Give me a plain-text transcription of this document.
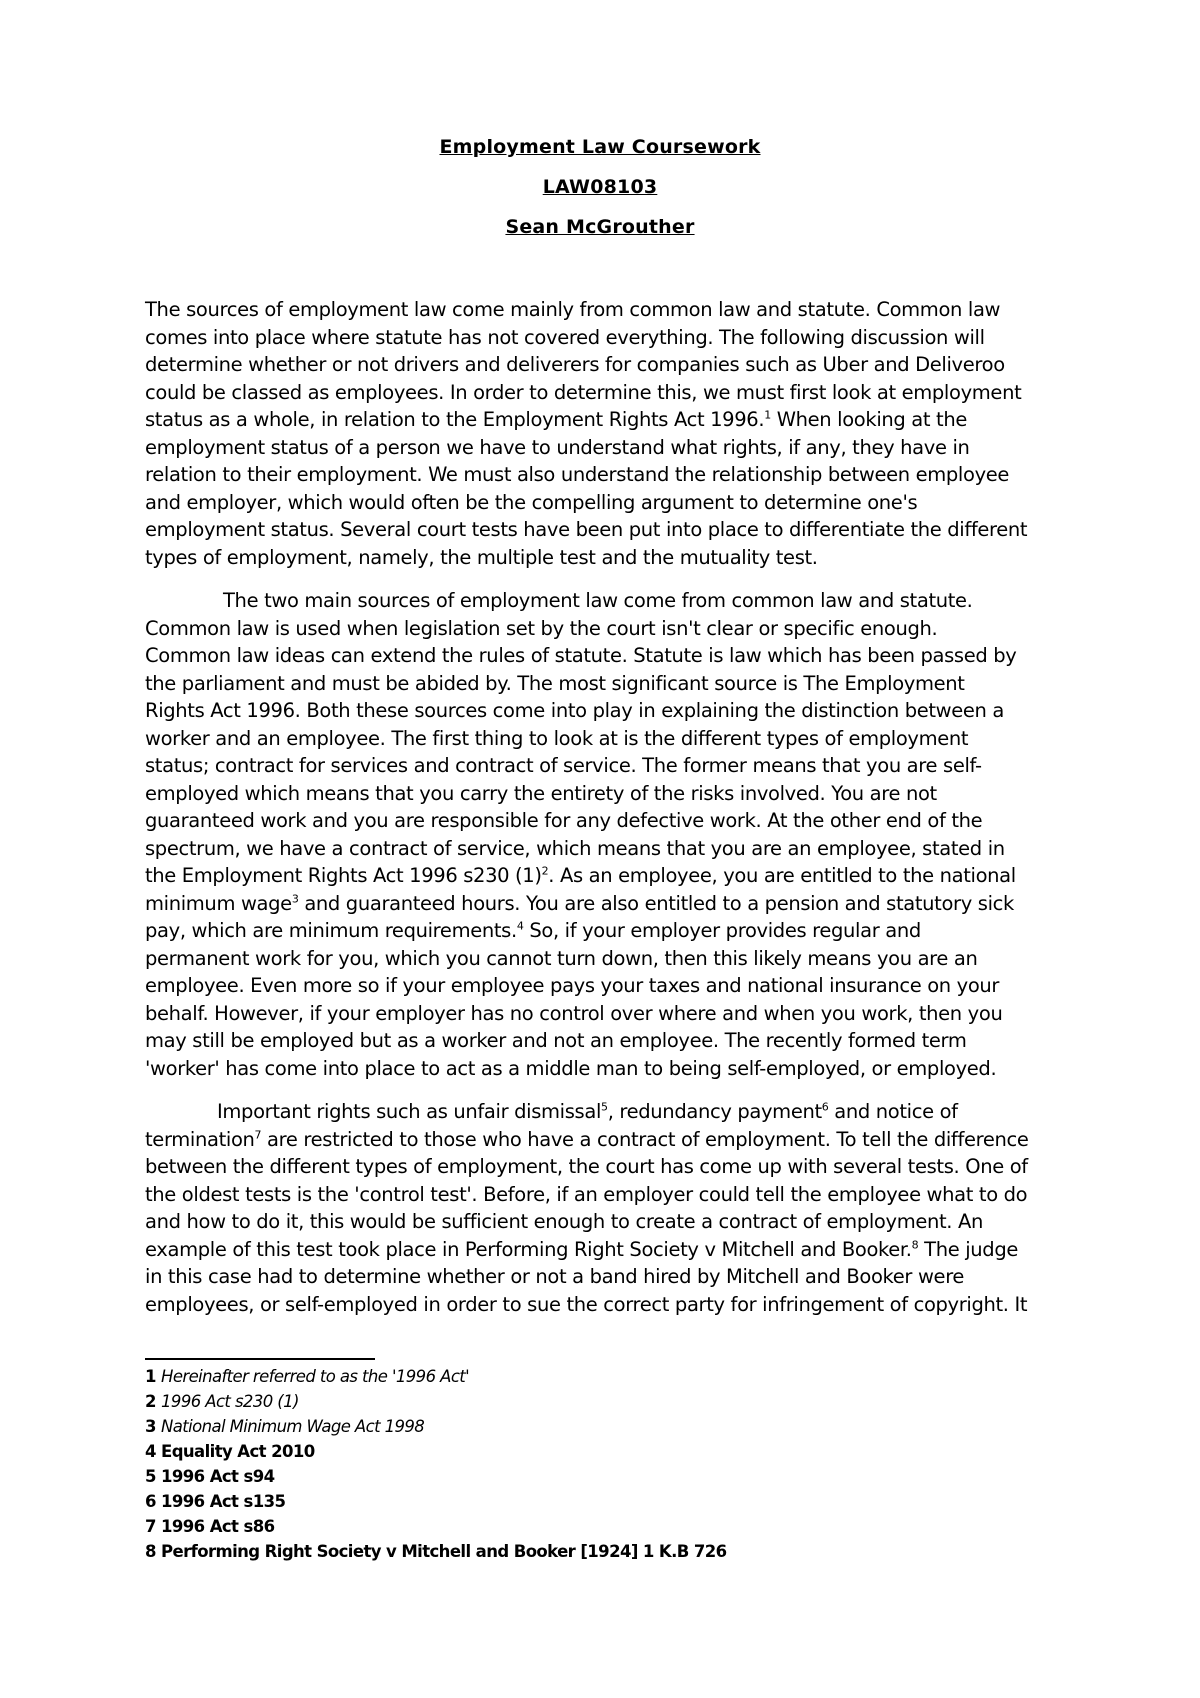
Employment Law Coursework
LAW08103
Sean McGrouther
The sources of employment law come mainly from common law and statute. Common law
comes into place where statute has not covered everything. The following discussion will
determine whether or not drivers and deliverers for companies such as Uber and Deliveroo
could be classed as employees. In order to determine this, we must first look at employment
status as a whole, in relation to the Employment Rights Act 1996.$^1$ When looking at the
employment status of a person we have to understand what rights, if any, they have in
relation to their employment. We must also understand the relationship between employee
and employer, which would often be the compelling argument to determine one's
employment status. Several court tests have been put into place to differentiate the different
types of employment, namely, the multiple test and the mutuality test.
The two main sources of employment law come from common law and statute.
Common law is used when legislation set by the court isn't clear or specific enough.
Common law ideas can extend the rules of statute. Statute is law which has been passed by
the parliament and must be abided by. The most significant source is The Employment
Rights Act 1996. Both these sources come into play in explaining the distinction between a
worker and an employee. The first thing to look at is the different types of employment
status; contract for services and contract of service. The former means that you are self-
employed which means that you carry the entirety of the risks involved. You are not
guaranteed work and you are responsible for any defective work. At the other end of the
spectrum, we have a contract of service, which means that you are an employee, stated in
the Employment Rights Act 1996 s230 $(1)^2$. As an employee, you are entitled to the national
minimum wage$^3$ and guaranteed hours. You are also entitled to a pension and statutory sick
pay, which are minimum requirements.$^4$ So, if your employer provides regular and
permanent work for you, which you cannot turn down, then this likely means you are an
employee. Even more so if your employee pays your taxes and national insurance on your
behalf. However, if your employer has no control over where and when you work, then you
may still be employed but as a worker and not an employee. The recently formed term
'worker' has come into place to act as a middle man to being self-employed, or employed.
Important rights such as unfair dismissal$^5$, redundancy payment$^6$ and notice of
termination$^7$ are restricted to those who have a contract of employment. To tell the difference
between the different types of employment, the court has come up with several tests. One of
the oldest tests is the 'control test'. Before, if an employer could tell the employee what to do
and how to do it, this would be sufficient enough to create a contract of employment. An
example of this test took place in Performing Right Society v Mitchell and Booker.$^8$ The judge
in this case had to determine whether or not a band hired by Mitchell and Booker were
employees, or self-employed in order to sue the correct party for infringement of copyright. It
1 Hereinafter referred to as the '1996 Act'
2 1996 Act s230 (1)
3 National Minimum Wage Act 1998
4 Equality Act 2010
5 1996 Act s94
6 1996 Act s135
7 1996 Act s86
8 Performing Right Society v Mitchell and Booker [1924] 1 K.B 726
